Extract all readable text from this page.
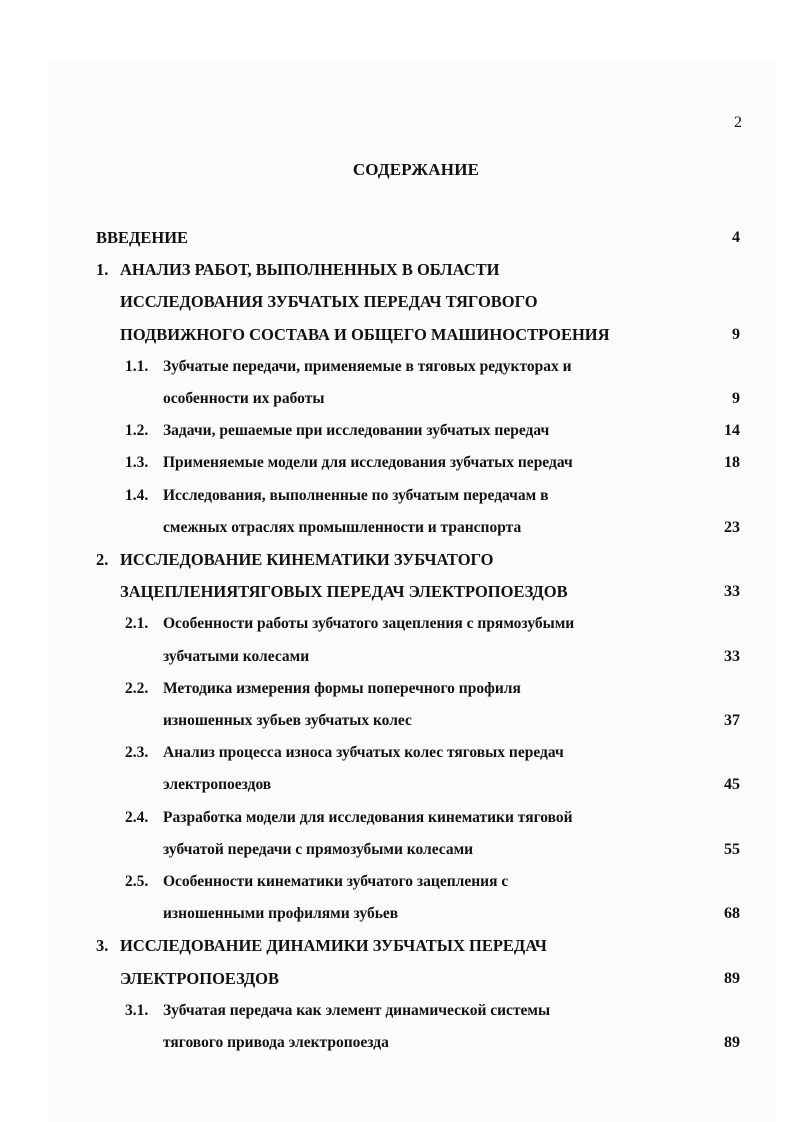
2
СОДЕРЖАНИЕ
ВВЕДЕНИЕ	4
1. АНАЛИЗ РАБОТ, ВЫПОЛНЕННЫХ В ОБЛАСТИ
ИССЛЕДОВАНИЯ ЗУБЧАТЫХ ПЕРЕДАЧ ТЯГОВОГО
ПОДВИЖНОГО СОСТАВА И ОБЩЕГО МАШИНОСТРОЕНИЯ	9
1.1. Зубчатые передачи, применяемые в тяговых редукторах и
особенности их работы	9
1.2. Задачи, решаемые при исследовании зубчатых передач	14
1.3. Применяемые модели для исследования зубчатых передач	18
1.4. Исследования, выполненные по зубчатым передачам в
смежных отраслях промышленности и транспорта	23
2. ИССЛЕДОВАНИЕ КИНЕМАТИКИ ЗУБЧАТОГО
ЗАЦЕПЛЕНИЯТЯГОВЫХ ПЕРЕДАЧ ЭЛЕКТРОПОЕЗДОВ	33
2.1. Особенности работы зубчатого зацепления с прямозубыми
зубчатыми колесами	33
2.2. Методика измерения формы поперечного профиля
изношенных зубьев зубчатых колес	37
2.3. Анализ процесса износа зубчатых колес тяговых передач
электропоездов	45
2.4. Разработка модели для исследования кинематики тяговой
зубчатой передачи с прямозубыми колесами	55
2.5. Особенности кинематики зубчатого зацепления с
изношенными профилями зубьев	68
3. ИССЛЕДОВАНИЕ ДИНАМИКИ ЗУБЧАТЫХ ПЕРЕДАЧ
ЭЛЕКТРОПОЕЗДОВ	89
3.1. Зубчатая передача как элемент динамической системы
тягового привода электропоезда	89
